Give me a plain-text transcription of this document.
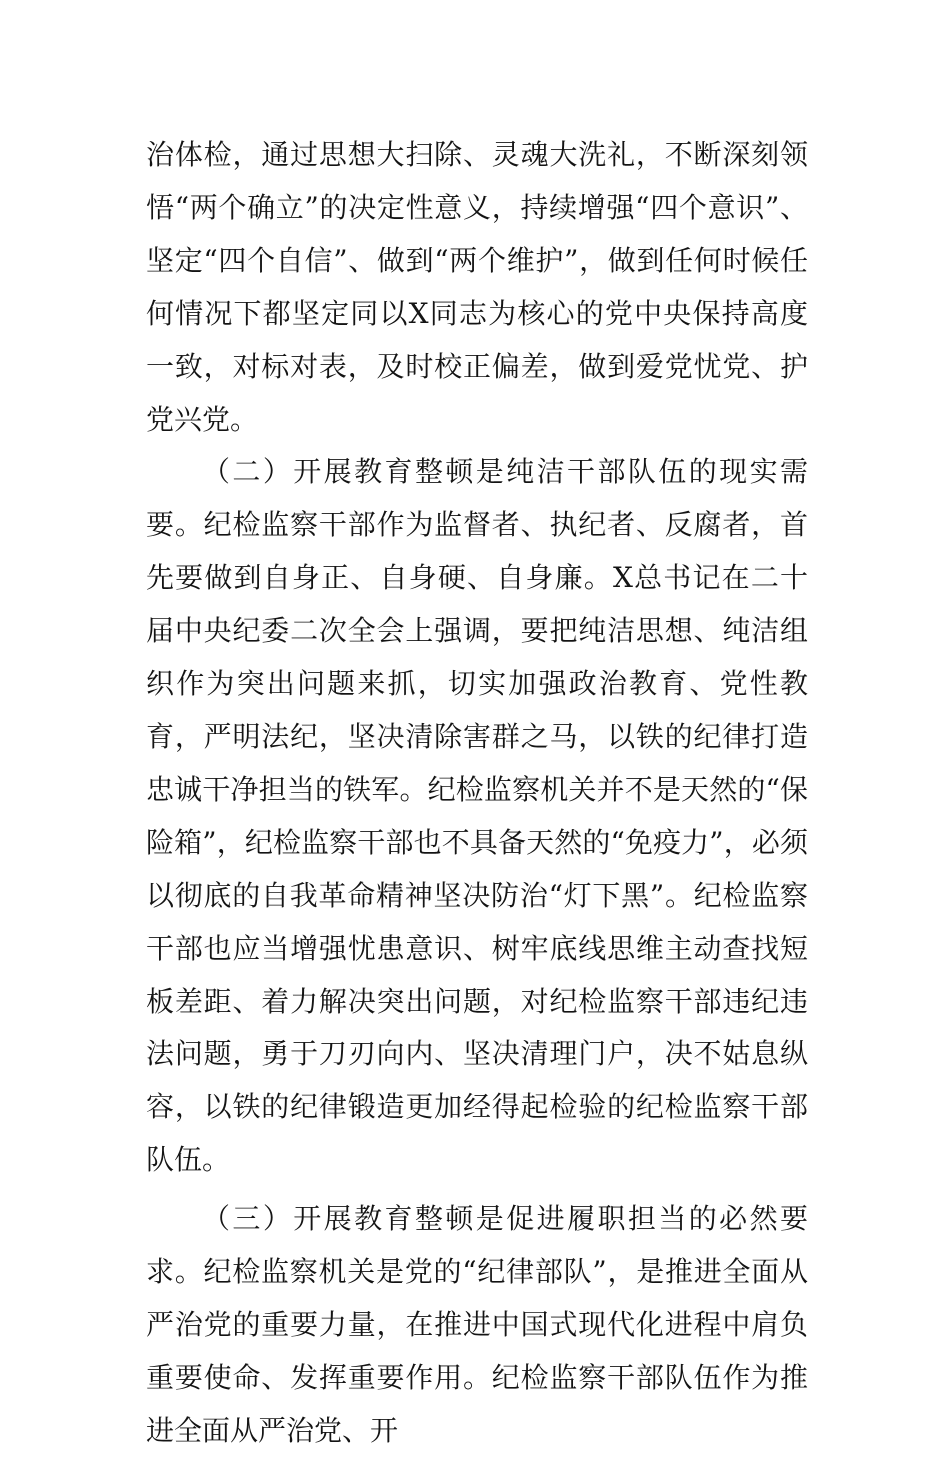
治体检，通过思想大扫除、灵魂大洗礼，不断深刻领悟“两个确立”的决定性意义，持续增强“四个意识”、坚定“四个自信”、做到“两个维护”，做到任何时候任何情况下都坚定同以X同志为核心的党中央保持高度一致，对标对表，及时校正偏差，做到爱党忧党、护党兴党。

（二）开展教育整顿是纯洁干部队伍的现实需要。纪检监察干部作为监督者、执纪者、反腐者，首先要做到自身正、自身硬、自身廉。X总书记在二十届中央纪委二次全会上强调，要把纯洁思想、纯洁组织作为突出问题来抓，切实加强政治教育、党性教育，严明法纪，坚决清除害群之马，以铁的纪律打造忠诚干净担当的铁军。纪检监察机关并不是天然的“保险箱”，纪检监察干部也不具备天然的“免疫力”，必须以彻底的自我革命精神坚决防治“灯下黑”。纪检监察干部也应当增强忧患意识、树牢底线思维主动查找短板差距、着力解决突出问题，对纪检监察干部违纪违法问题，勇于刀刃向内、坚决清理门户，决不姑息纵容，以铁的纪律锻造更加经得起检验的纪检监察干部队伍。

（三）开展教育整顿是促进履职担当的必然要求。纪检监察机关是党的“纪律部队”，是推进全面从严治党的重要力量，在推进中国式现代化进程中肩负重要使命、发挥重要作用。纪检监察干部队伍作为推进全面从严治党、开
